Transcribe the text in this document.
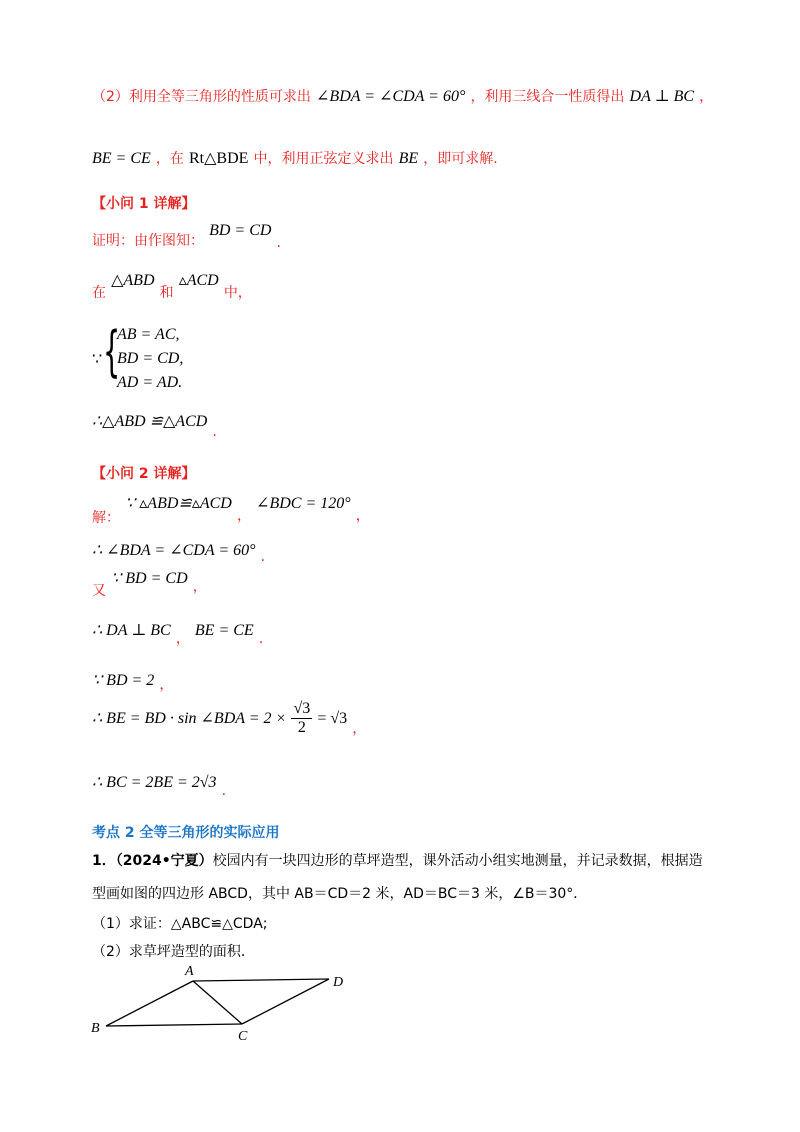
（2）利用全等三角形的性质可求出 ∠BDA = ∠CDA = 60° ，利用三线合一性质得出 DA ⊥ BC ，
BE = CE ，在 Rt△BDE 中，利用正弦定义求出 BE ，即可求解.
【小问 1 详解】
证明：由作图知： BD = CD .
在 △ABD 和 ▵ACD 中，
∵ {
AB = AC,
BD = CD,
AD = AD.
∴△ABD ≌△ACD .
【小问 2 详解】
解： ∵ ▵ABD≌▵ACD ， ∠BDC = 120° ，
∴ ∠BDA = ∠CDA = 60° .
又 ∵ BD = CD ，
∴ DA ⊥ BC ， BE = CE .
∵ BD = 2 ，
∴ BE = BD · sin ∠BDA = $2 \times \frac{√3}{2} = √3$ ，
∴ BC = 2BE = 2√3 .
考点 2 全等三角形的实际应用
1．（2024•宁夏）校园内有一块四边形的草坪造型，课外活动小组实地测量，并记录数据，根据造
型画如图的四边形 ABCD，其中 AB＝CD＝2 米，AD＝BC＝3 米，∠B＝30°．
（1）求证：△ABC≌△CDA;
（2）求草坪造型的面积．
A
B
C
D
